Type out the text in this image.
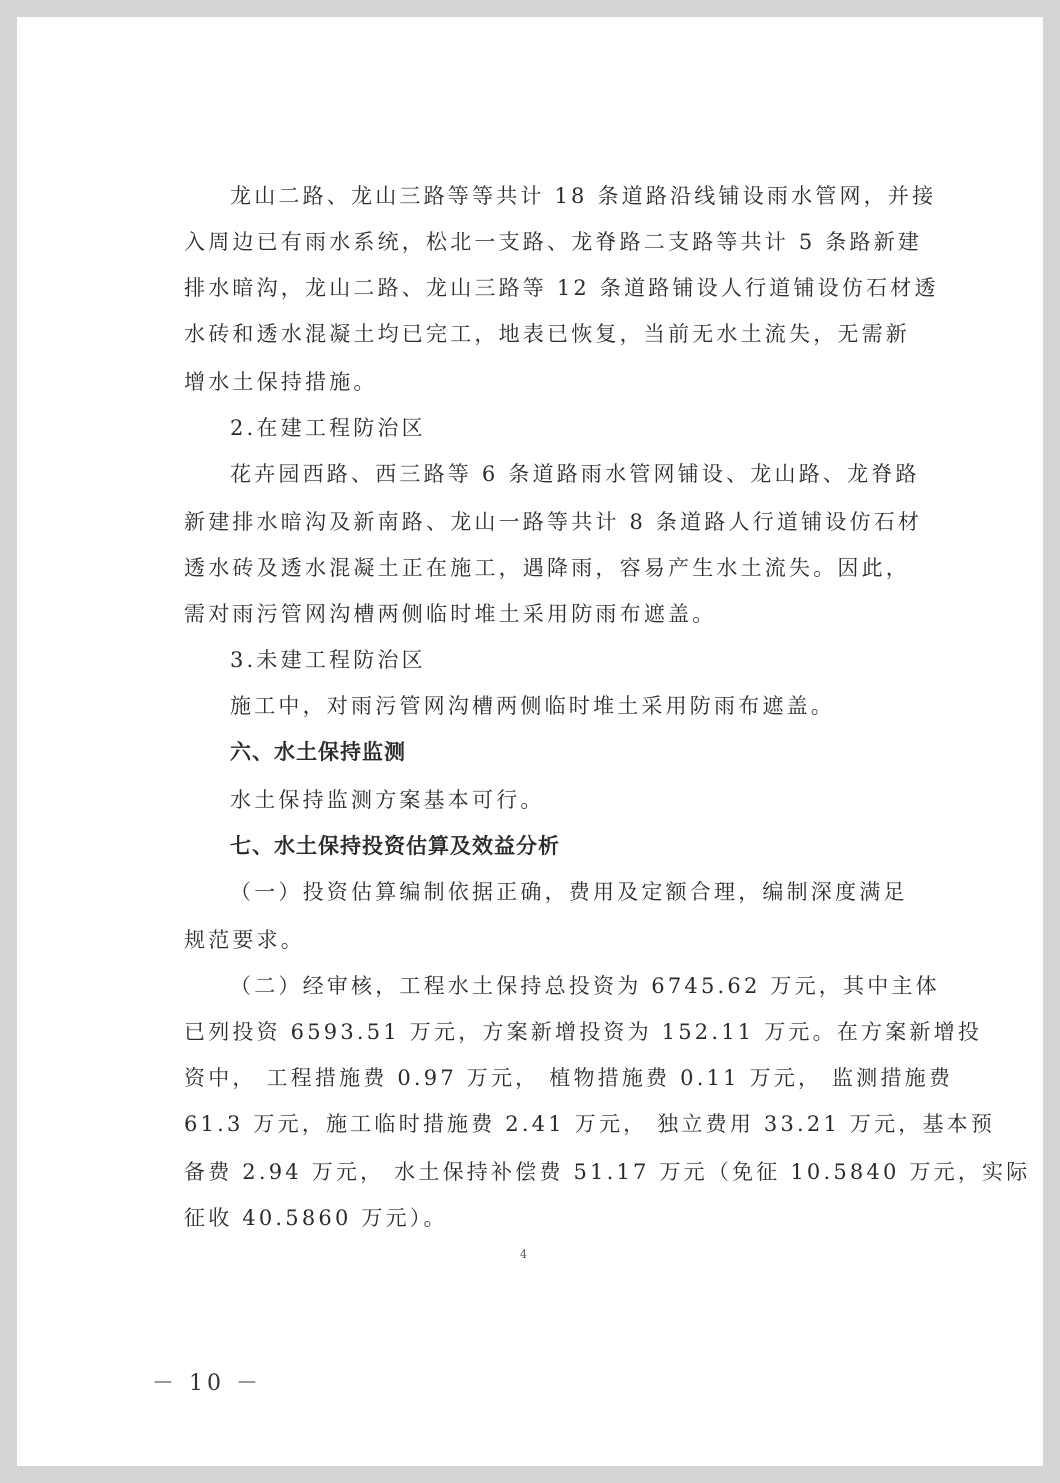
龙山二路、龙山三路等等共计 18 条道路沿线铺设雨水管网，并接
入周边已有雨水系统，松北一支路、龙脊路二支路等共计 5 条路新建
排水暗沟，龙山二路、龙山三路等 12 条道路铺设人行道铺设仿石材透
水砖和透水混凝土均已完工，地表已恢复，当前无水土流失，无需新
增水土保持措施。
2.在建工程防治区
花卉园西路、西三路等 6 条道路雨水管网铺设、龙山路、龙脊路
新建排水暗沟及新南路、龙山一路等共计 8 条道路人行道铺设仿石材
透水砖及透水混凝土正在施工，遇降雨，容易产生水土流失。因此，
需对雨污管网沟槽两侧临时堆土采用防雨布遮盖。
3.未建工程防治区
施工中，对雨污管网沟槽两侧临时堆土采用防雨布遮盖。
六、水土保持监测
水土保持监测方案基本可行。
七、水土保持投资估算及效益分析
（一）投资估算编制依据正确，费用及定额合理，编制深度满足
规范要求。
（二）经审核，工程水土保持总投资为 6745.62 万元，其中主体
已列投资 6593.51 万元，方案新增投资为 152.11 万元。在方案新增投
资中， 工程措施费 0.97 万元， 植物措施费 0.11 万元， 监测措施费
61.3 万元，施工临时措施费 2.41 万元， 独立费用 33.21 万元，基本预
备费 2.94 万元， 水土保持补偿费 51.17 万元（免征 10.5840 万元，实际
征收 40.5860 万元）。
4
－ 10 －
